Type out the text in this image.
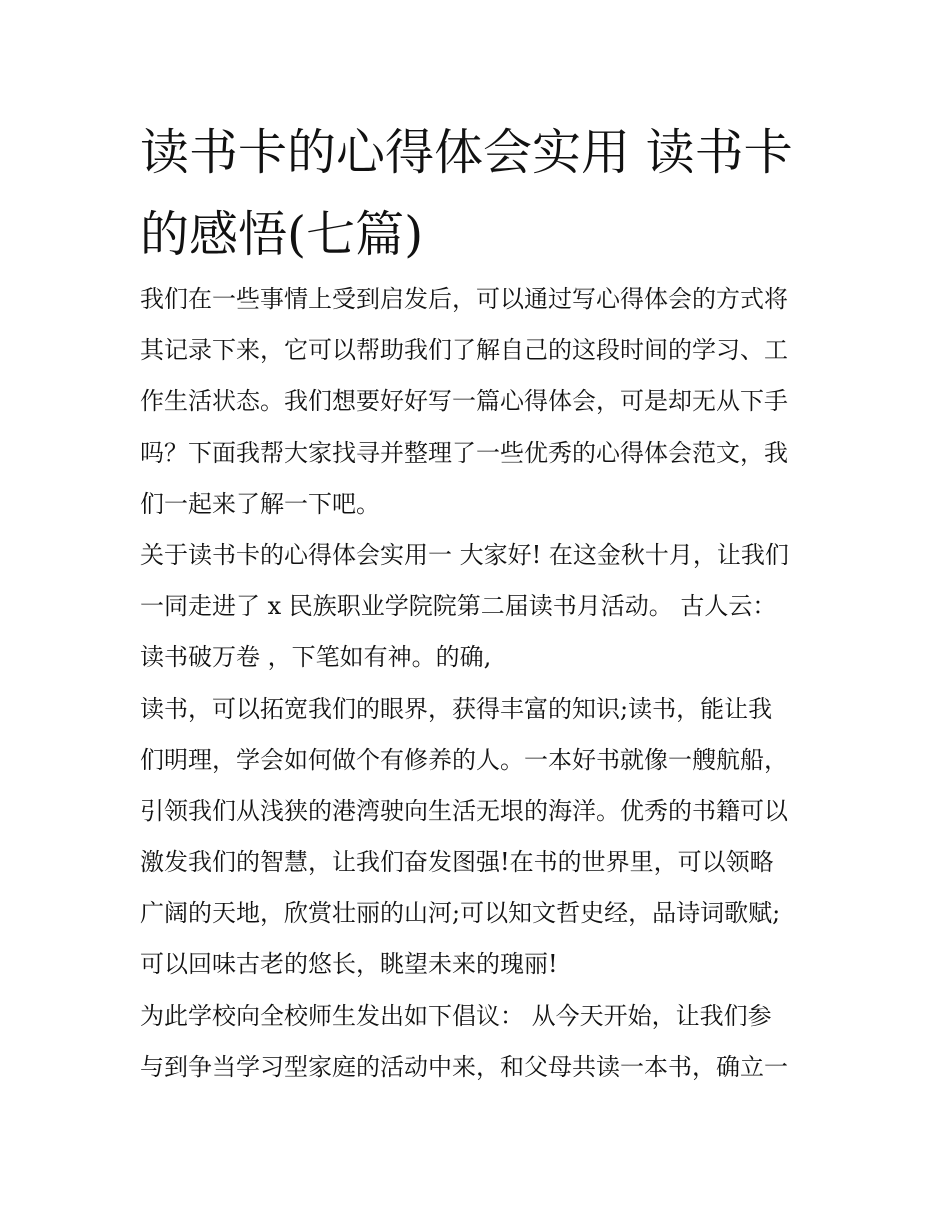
读书卡的心得体会实用 读书卡
的感悟(七篇)
我们在一些事情上受到启发后，可以通过写心得体会的方式将
其记录下来，它可以帮助我们了解自己的这段时间的学习、工
作生活状态。我们想要好好写一篇心得体会，可是却无从下手
吗？下面我帮大家找寻并整理了一些优秀的心得体会范文，我
们一起来了解一下吧。
关于读书卡的心得体会实用一 大家好! 在这金秋十月，让我们
一同走进了 x 民族职业学院院第二届读书月活动。 古人云：
读书破万卷 ，下笔如有神。的确,
读书，可以拓宽我们的眼界，获得丰富的知识;读书，能让我
们明理，学会如何做个有修养的人。一本好书就像一艘航船，
引领我们从浅狭的港湾驶向生活无垠的海洋。优秀的书籍可以
激发我们的智慧，让我们奋发图强!在书的世界里，可以领略
广阔的天地，欣赏壮丽的山河;可以知文哲史经，品诗词歌赋;
可以回味古老的悠长，眺望未来的瑰丽!
为此学校向全校师生发出如下倡议： 从今天开始，让我们参
与到争当学习型家庭的活动中来，和父母共读一本书，确立一
